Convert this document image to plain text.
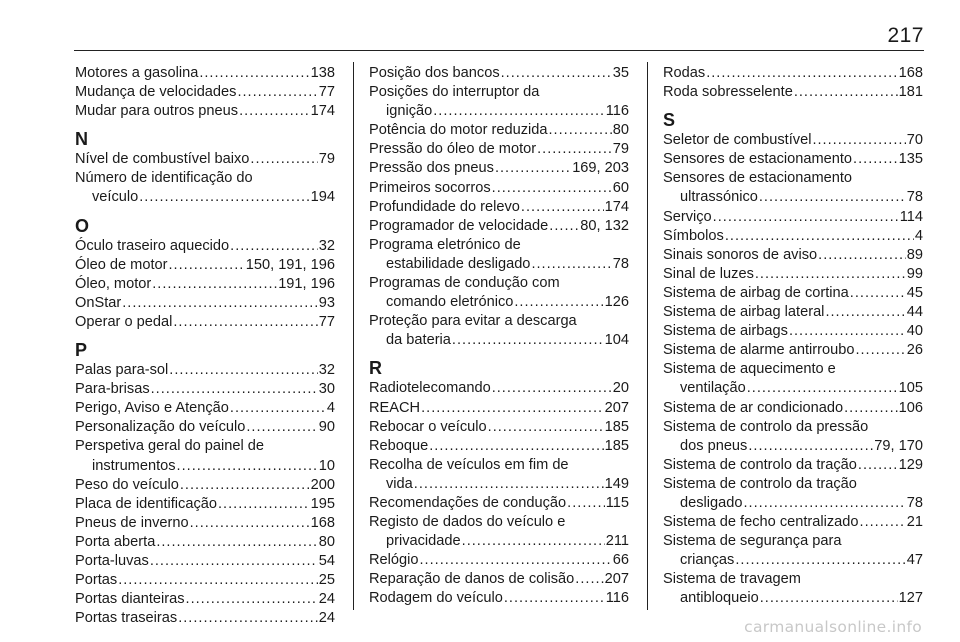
217
Motores a gasolina .....	138
Mudança de velocidades .....	77
Mudar para outros pneus .....	174
N
Nível de combustível baixo .....	79
Número de identificação do
veículo .....	194
O
Óculo traseiro aquecido .....	32
Óleo de motor .....	150, 191, 196
Óleo, motor .....	191, 196
OnStar .....	93
Operar o pedal .....	77
P
Palas para-sol .....	32
Para-brisas .....	30
Perigo, Aviso e Atenção .....	4
Personalização do veículo .....	90
Perspetiva geral do painel de
instrumentos .....	10
Peso do veículo .....	200
Placa de identificação .....	195
Pneus de inverno .....	168
Porta aberta .....	80
Porta-luvas .....	54
Portas .....	25
Portas dianteiras .....	24
Portas traseiras .....	24
Posição dos bancos .....	35
Posições do interruptor da
ignição .....	116
Potência do motor reduzida .....	80
Pressão do óleo de motor .....	79
Pressão dos pneus .....	169, 203
Primeiros socorros .....	60
Profundidade do relevo .....	174
Programador de velocidade ..... 80, 132
Programa eletrónico de
estabilidade desligado .....	78
Programas de condução com
comando eletrónico .....	126
Proteção para evitar a descarga
da bateria .....	104
R
Radiotelecomando .....	20
REACH .....	207
Rebocar o veículo .....	185
Reboque .....	185
Recolha de veículos em fim de
vida .....	149
Recomendações de condução .....	115
Registo de dados do veículo e
privacidade .....	211
Relógio .....	66
Reparação de danos de colisão ..... 207
Rodagem do veículo .....	116
Rodas .....	168
Roda sobresselente .....	181
S
Seletor de combustível .....	70
Sensores de estacionamento .....	135
Sensores de estacionamento
ultrassónico .....	78
Serviço .....	114
Símbolos .....	4
Sinais sonoros de aviso .....	89
Sinal de luzes .....	99
Sistema de airbag de cortina .....	45
Sistema de airbag lateral .....	44
Sistema de airbags .....	40
Sistema de alarme antirroubo .....	26
Sistema de aquecimento e
ventilação .....	105
Sistema de ar condicionado .....	106
Sistema de controlo da pressão
dos pneus .....	79, 170
Sistema de controlo da tração .....	129
Sistema de controlo da tração
desligado .....	78
Sistema de fecho centralizado .....	21
Sistema de segurança para
crianças .....	47
Sistema de travagem
antibloqueio .....	127
carmanualsonline.info
